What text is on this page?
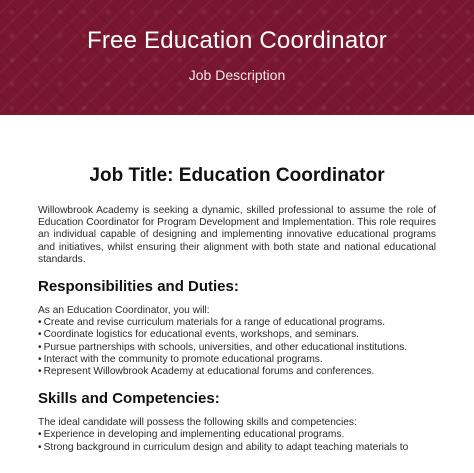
Free Education Coordinator
Job Description
Job Title: Education Coordinator

Willowbrook Academy is seeking a dynamic, skilled professional to assume the role of Education Coordinator for Program Development and Implementation. This role requires an individual capable of designing and implementing innovative educational programs and initiatives, whilst ensuring their alignment with both state and national educational standards.

Responsibilities and Duties:

As an Education Coordinator, you will:

• Create and revise curriculum materials for a range of educational programs.
• Coordinate logistics for educational events, workshops, and seminars.
• Pursue partnerships with schools, universities, and other educational institutions.
• Interact with the community to promote educational programs.
• Represent Willowbrook Academy at educational forums and conferences.
Skills and Competencies:

The ideal candidate will possess the following skills and competencies:

• Experience in developing and implementing educational programs.
• Strong background in curriculum design and ability to adapt teaching materials to
